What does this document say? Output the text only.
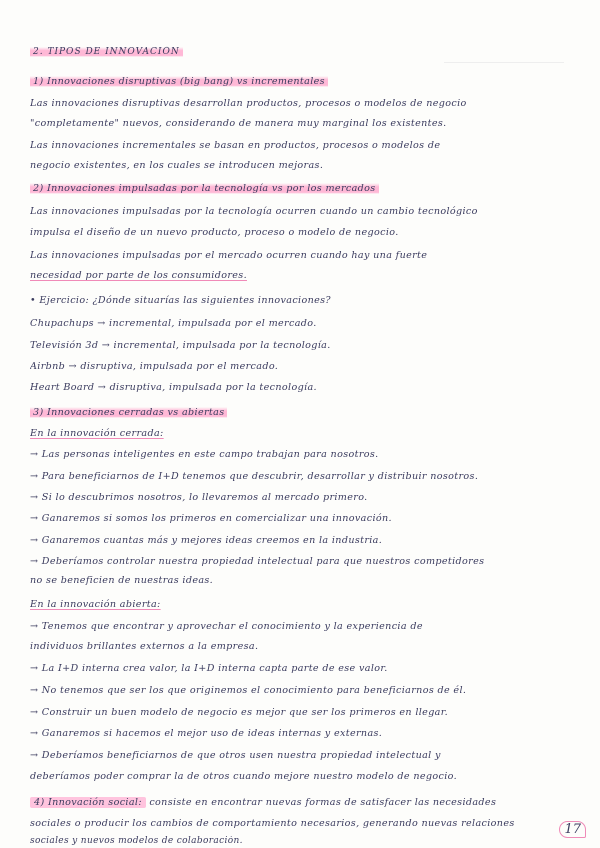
2. TIPOS DE INNOVACIÓN
1) Innovaciones disruptivas (big bang) vs incrementales
Las innovaciones disruptivas desarrollan productos, procesos o modelos de negocio
"completamente" nuevos, considerando de manera muy marginal los existentes.
Las innovaciones incrementales se basan en productos, procesos o modelos de
negocio existentes, en los cuales se introducen mejoras.
2) Innovaciones impulsadas por la tecnología vs por los mercados
Las innovaciones impulsadas por la tecnología ocurren cuando un cambio tecnológico
impulsa el diseño de un nuevo producto, proceso o modelo de negocio.
Las innovaciones impulsadas por el mercado ocurren cuando hay una fuerte
necesidad por parte de los consumidores.
• Ejercicio: ¿Dónde situarías las siguientes innovaciones?
Chupachups → incremental, impulsada por el mercado.
Televisión 3d → incremental, impulsada por la tecnología.
Airbnb → disruptiva, impulsada por el mercado.
Heart Board → disruptiva, impulsada por la tecnología.
3) Innovaciones cerradas vs abiertas
En la innovación cerrada:
→ Las personas inteligentes en este campo trabajan para nosotros.
→ Para beneficiarnos de I+D tenemos que descubrir, desarrollar y distribuir nosotros.
→ Si lo descubrimos nosotros, lo llevaremos al mercado primero.
→ Ganaremos si somos los primeros en comercializar una innovación.
→ Ganaremos cuantas más y mejores ideas creemos en la industria.
→ Deberíamos controlar nuestra propiedad intelectual para que nuestros competidores
no se beneficien de nuestras ideas.
En la innovación abierta:
→ Tenemos que encontrar y aprovechar el conocimiento y la experiencia de
individuos brillantes externos a la empresa.
→ La I+D interna crea valor, la I+D interna capta parte de ese valor.
→ No tenemos que ser los que originemos el conocimiento para beneficiarnos de él.
→ Construir un buen modelo de negocio es mejor que ser los primeros en llegar.
→ Ganaremos si hacemos el mejor uso de ideas internas y externas.
→ Deberíamos beneficiarnos de que otros usen nuestra propiedad intelectual y
deberíamos poder comprar la de otros cuando mejore nuestro modelo de negocio.
4) Innovación social: consiste en encontrar nuevas formas de satisfacer las necesidades
sociales o producir los cambios de comportamiento necesarios, generando nuevas relaciones
sociales y nuevos modelos de colaboración.
17
